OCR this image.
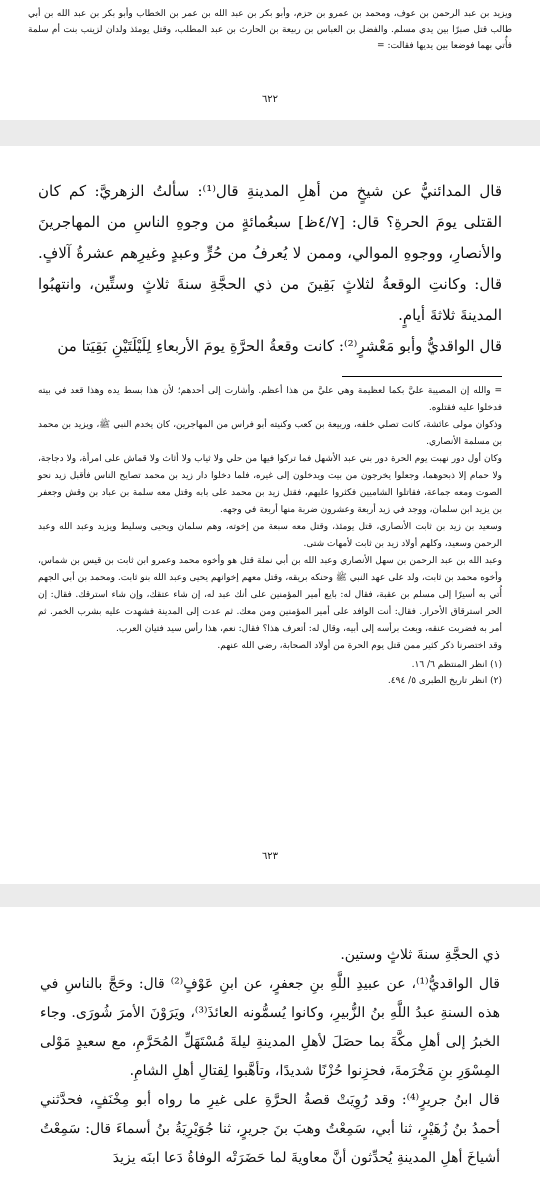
ويزيد بن عبد الرحمن بن عوف، ومحمد بن عمرو بن حزم، وأبو بكر بن عبد الله بن عمر بن الخطاب وأبو بكر بن عبد الله بن أبي طالب قتل صبرًا بين يدي مسلم. والفضل بن العباس بن ربيعة بن الحارث بن عبد المطلب، وقتل يومئذ ولدان لزينب بنت أم سلمة فأُتي بهما فوضعا بين يديها فقالت: =

٦٢٢

قال المدائنيُّ عن شيخٍ من أهلِ المدينةِ قال⁽¹⁾: سألتُ الزهريَّ: كم كان القتلى يومَ الحرةِ؟ قال: [٤/٧ظ] سبعُمائةٍ من وجوهِ الناسِ من المهاجرينَ والأنصارِ، ووجوهِ الموالي، وممن لا يُعرفُ من حُرٍّ وعبدٍ وغيرِهم عشرةُ آلافٍ. قال: وكانتِ الوقعةُ لثلاثٍ بَقِينَ من ذي الحجَّةِ سنةَ ثلاثٍ وستِّين، وانتهبُوا المدينةَ ثلاثةَ أيامٍ.

قال الواقديُّ وأبو مَعْشرٍ⁽²⁾: كانت وقعةُ الحرَّةِ يومَ الأربعاءِ لِلَيْلَتَيْنِ بَقِيَتا من

= والله إن المصيبة عليَّ بكما لعظيمة وهي عليَّ من هذا أعظم. وأشارت إلى أحدهم؛ لأن هذا بسط يده وهذا قعد في بيته فدخلوا عليه فقتلوه.
وذكوان مولى عائشة، كانت تصلي خلفه، وربيعة بن كعب وكنيته أبو فراس من المهاجرين، كان يخدم النبي ﷺ، ويزيد بن محمد بن مسلمة الأنصاري.
وكان أول دور نهبت يوم الحرة دور بني عبد الأشهل فما تركوا فيها من حلي ولا ثياب ولا أثاث ولا قماش على امرأة، ولا دجاجة، ولا حمام إلا ذبحوهما، وجعلوا يخرجون من بيت ويدخلون إلى غيره، فلما دخلوا دار زيد بن محمد تصايح الناس فأقبل زيد نحو الصوت ومعه جماعة، فقاتلوا الشاميين فكثروا عليهم، فقتل زيد بن محمد على بابه وقتل معه سلمة بن عباد بن وقش وجعفر بن يزيد ابن سلمان، ووجد في زيد أربعة وعشرون ضربة منها أربعة في وجهه.
وسعيد بن زيد بن ثابت الأنصاري، قتل يومئذ، وقتل معه سبعة من إخوته، وهم سلمان ويحيى وسليط ويزيد وعبد الله وعبد الرحمن وسعيد، وكلهم أولاد زيد بن ثابت لأمهات شتى.
وعبد الله بن عبد الرحمن بن سهل الأنصاري وعبد الله بن أبي نملة قتل هو وأخوه محمد وعمرو ابن ثابت بن قيس بن شماس، وأخوه محمد بن ثابت، ولد على عهد النبي ﷺ وحنكه بريقه، وقتل معهم إخوانهم يحيى وعبد الله بنو ثابت. ومحمد بن أبي الجهم أُتي به أسيرًا إلى مسلم بن عقبة، فقال له: بايع أمير المؤمنين على أنك عبد له، إن شاء عتقك، وإن شاء استرقك. فقال: إن الحر استرقاق الأحرار. فقال: أنت الوافد على أمير المؤمنين ومن معك. ثم عدت إلى المدينة فشهدت عليه بشرب الخمر. ثم أمر به فضربت عنقه، وبعث برأسه إلى أبيه، وقال له: أتعرف هذا؟ فقال: نعم، هذا رأس سيد فتيان العرب.
وقد اختصرنا ذكر كثير ممن قتل يوم الحرة من أولاد الصحابة، رضي الله عنهم.
(١) انظر المنتظم ٦/ ١٦.
(٢) انظر تاريخ الطبرى ٥/ ٤٩٤.
٦٢٣

ذي الحجَّةِ سنةَ ثلاثٍ وستين.

قال الواقديُّ⁽¹⁾، عن عبيدِ اللَّهِ بنِ جعفرٍ، عن ابنِ عَوْفٍ⁽²⁾ قال: وحَجَّ بالناسِ في هذه السنةِ عبدُ اللَّهِ بنُ الزُّبيرِ، وكانوا يُسمُّونه العائذَ⁽³⁾، ويَرَوْنَ الأمرَ شُورَى. وجاء الخبرُ إلى أهلِ مكَّةَ بما حصَلَ لأهلِ المدينةِ ليلةَ مُسْتَهَلِّ المُحَرَّمِ، مع سعيدٍ مَوْلى المِسْوَرِ بنِ مَخْرَمةَ، فحزِنوا حُزْنًا شديدًا، وتأهَّبوا لِقتالِ أهلِ الشامِ.

قال ابنُ جريرٍ⁽⁴⁾: وقد رُوِيَتْ قصةُ الحرَّةِ على غيرِ ما رواه أبو مِخْنَفٍ، فحدَّثني أحمدُ بنُ زُهَيْرٍ، ثنا أبي، سَمِعْتُ وهبَ بنَ جريرٍ، ثنا جُوَيْرِيَةُ بنُ أسماءَ قال: سَمِعْتُ أشياخَ أهلِ المدينةِ يُحدِّثون أنَّ معاويةَ لما حَضَرَتْه الوفاةُ دَعا ابنَه يزيدَ
